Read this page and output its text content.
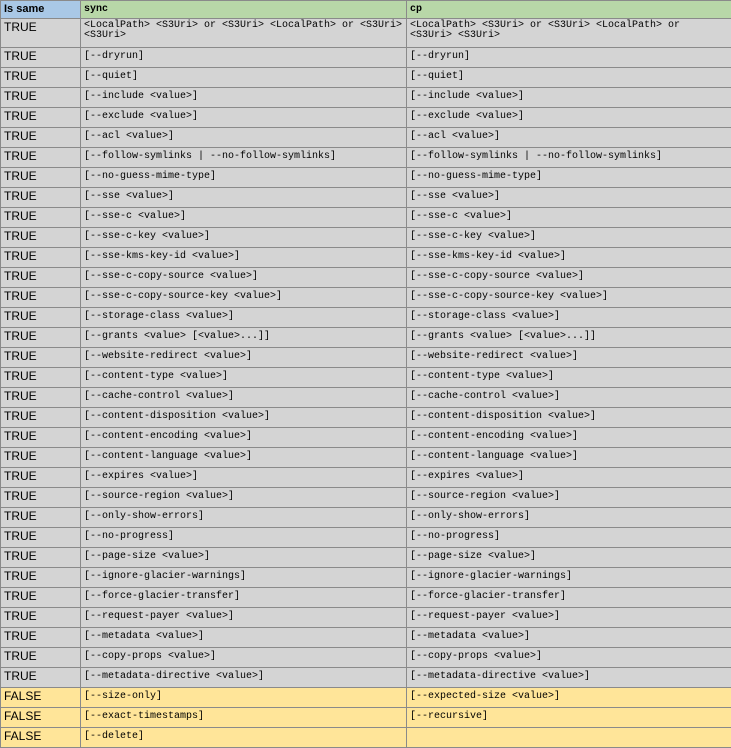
Is same	sync	cp
TRUE	<LocalPath> <S3Uri> or <S3Uri> <LocalPath> or <S3Uri> <S3Uri>	<LocalPath> <S3Uri> or <S3Uri> <LocalPath> or <S3Uri> <S3Uri>
TRUE	[--dryrun]	[--dryrun]
TRUE	[--quiet]	[--quiet]
TRUE	[--include <value>]	[--include <value>]
TRUE	[--exclude <value>]	[--exclude <value>]
TRUE	[--acl <value>]	[--acl <value>]
TRUE	[--follow-symlinks | --no-follow-symlinks]	[--follow-symlinks | --no-follow-symlinks]
TRUE	[--no-guess-mime-type]	[--no-guess-mime-type]
TRUE	[--sse <value>]	[--sse <value>]
TRUE	[--sse-c <value>]	[--sse-c <value>]
TRUE	[--sse-c-key <value>]	[--sse-c-key <value>]
TRUE	[--sse-kms-key-id <value>]	[--sse-kms-key-id <value>]
TRUE	[--sse-c-copy-source <value>]	[--sse-c-copy-source <value>]
TRUE	[--sse-c-copy-source-key <value>]	[--sse-c-copy-source-key <value>]
TRUE	[--storage-class <value>]	[--storage-class <value>]
TRUE	[--grants <value> [<value>...]]	[--grants <value> [<value>...]]
TRUE	[--website-redirect <value>]	[--website-redirect <value>]
TRUE	[--content-type <value>]	[--content-type <value>]
TRUE	[--cache-control <value>]	[--cache-control <value>]
TRUE	[--content-disposition <value>]	[--content-disposition <value>]
TRUE	[--content-encoding <value>]	[--content-encoding <value>]
TRUE	[--content-language <value>]	[--content-language <value>]
TRUE	[--expires <value>]	[--expires <value>]
TRUE	[--source-region <value>]	[--source-region <value>]
TRUE	[--only-show-errors]	[--only-show-errors]
TRUE	[--no-progress]	[--no-progress]
TRUE	[--page-size <value>]	[--page-size <value>]
TRUE	[--ignore-glacier-warnings]	[--ignore-glacier-warnings]
TRUE	[--force-glacier-transfer]	[--force-glacier-transfer]
TRUE	[--request-payer <value>]	[--request-payer <value>]
TRUE	[--metadata <value>]	[--metadata <value>]
TRUE	[--copy-props <value>]	[--copy-props <value>]
TRUE	[--metadata-directive <value>]	[--metadata-directive <value>]
FALSE	[--size-only]	[--expected-size <value>]
FALSE	[--exact-timestamps]	[--recursive]
FALSE	[--delete]	
